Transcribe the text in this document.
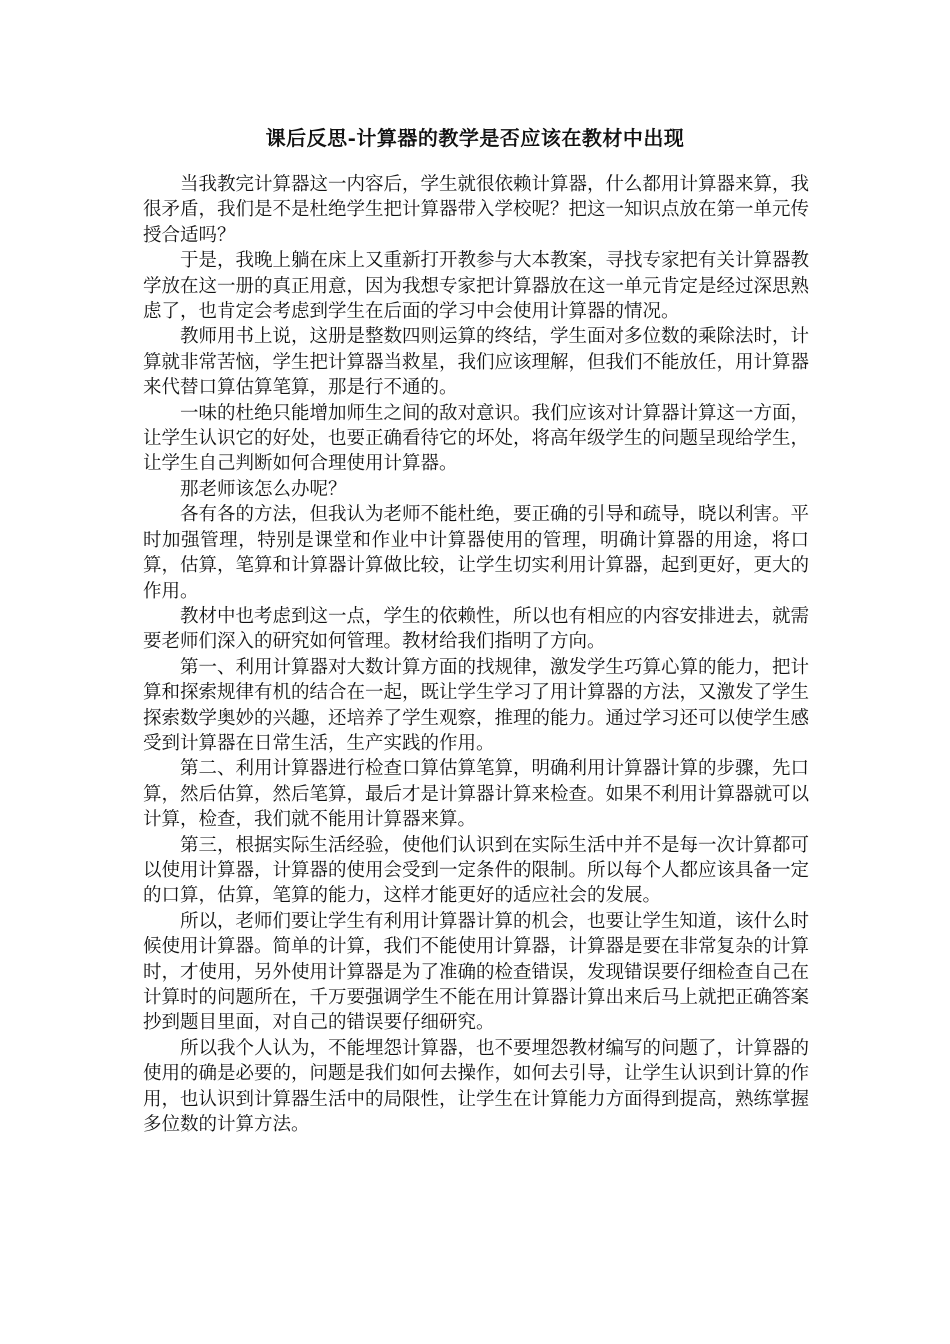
课后反思-计算器的教学是否应该在教材中出现

当我教完计算器这一内容后，学生就很依赖计算器，什么都用计算器来算，我很矛盾，我们是不是杜绝学生把计算器带入学校呢？把这一知识点放在第一单元传授合适吗？

于是，我晚上躺在床上又重新打开教参与大本教案，寻找专家把有关计算器教学放在这一册的真正用意，因为我想专家把计算器放在这一单元肯定是经过深思熟虑了，也肯定会考虑到学生在后面的学习中会使用计算器的情况。

教师用书上说，这册是整数四则运算的终结，学生面对多位数的乘除法时，计算就非常苦恼，学生把计算器当救星，我们应该理解，但我们不能放任，用计算器来代替口算估算笔算，那是行不通的。

一味的杜绝只能增加师生之间的敌对意识。我们应该对计算器计算这一方面，让学生认识它的好处，也要正确看待它的坏处，将高年级学生的问题呈现给学生，让学生自己判断如何合理使用计算器。

那老师该怎么办呢？

各有各的方法，但我认为老师不能杜绝，要正确的引导和疏导，晓以利害。平时加强管理，特别是课堂和作业中计算器使用的管理，明确计算器的用途，将口算，估算，笔算和计算器计算做比较，让学生切实利用计算器，起到更好，更大的作用。

教材中也考虑到这一点，学生的依赖性，所以也有相应的内容安排进去，就需要老师们深入的研究如何管理。教材给我们指明了方向。

第一、利用计算器对大数计算方面的找规律，激发学生巧算心算的能力，把计算和探索规律有机的结合在一起，既让学生学习了用计算器的方法，又激发了学生探索数学奥妙的兴趣，还培养了学生观察，推理的能力。通过学习还可以使学生感受到计算器在日常生活，生产实践的作用。

第二、利用计算器进行检查口算估算笔算，明确利用计算器计算的步骤，先口算，然后估算，然后笔算，最后才是计算器计算来检查。如果不利用计算器就可以计算，检查，我们就不能用计算器来算。

第三，根据实际生活经验，使他们认识到在实际生活中并不是每一次计算都可以使用计算器，计算器的使用会受到一定条件的限制。所以每个人都应该具备一定的口算，估算，笔算的能力，这样才能更好的适应社会的发展。

所以，老师们要让学生有利用计算器计算的机会，也要让学生知道，该什么时候使用计算器。简单的计算，我们不能使用计算器，计算器是要在非常复杂的计算时，才使用，另外使用计算器是为了准确的检查错误，发现错误要仔细检查自己在计算时的问题所在，千万要强调学生不能在用计算器计算出来后马上就把正确答案抄到题目里面，对自己的错误要仔细研究。

所以我个人认为，不能埋怨计算器，也不要埋怨教材编写的问题了，计算器的使用的确是必要的，问题是我们如何去操作，如何去引导，让学生认识到计算的作用，也认识到计算器生活中的局限性，让学生在计算能力方面得到提高，熟练掌握多位数的计算方法。
